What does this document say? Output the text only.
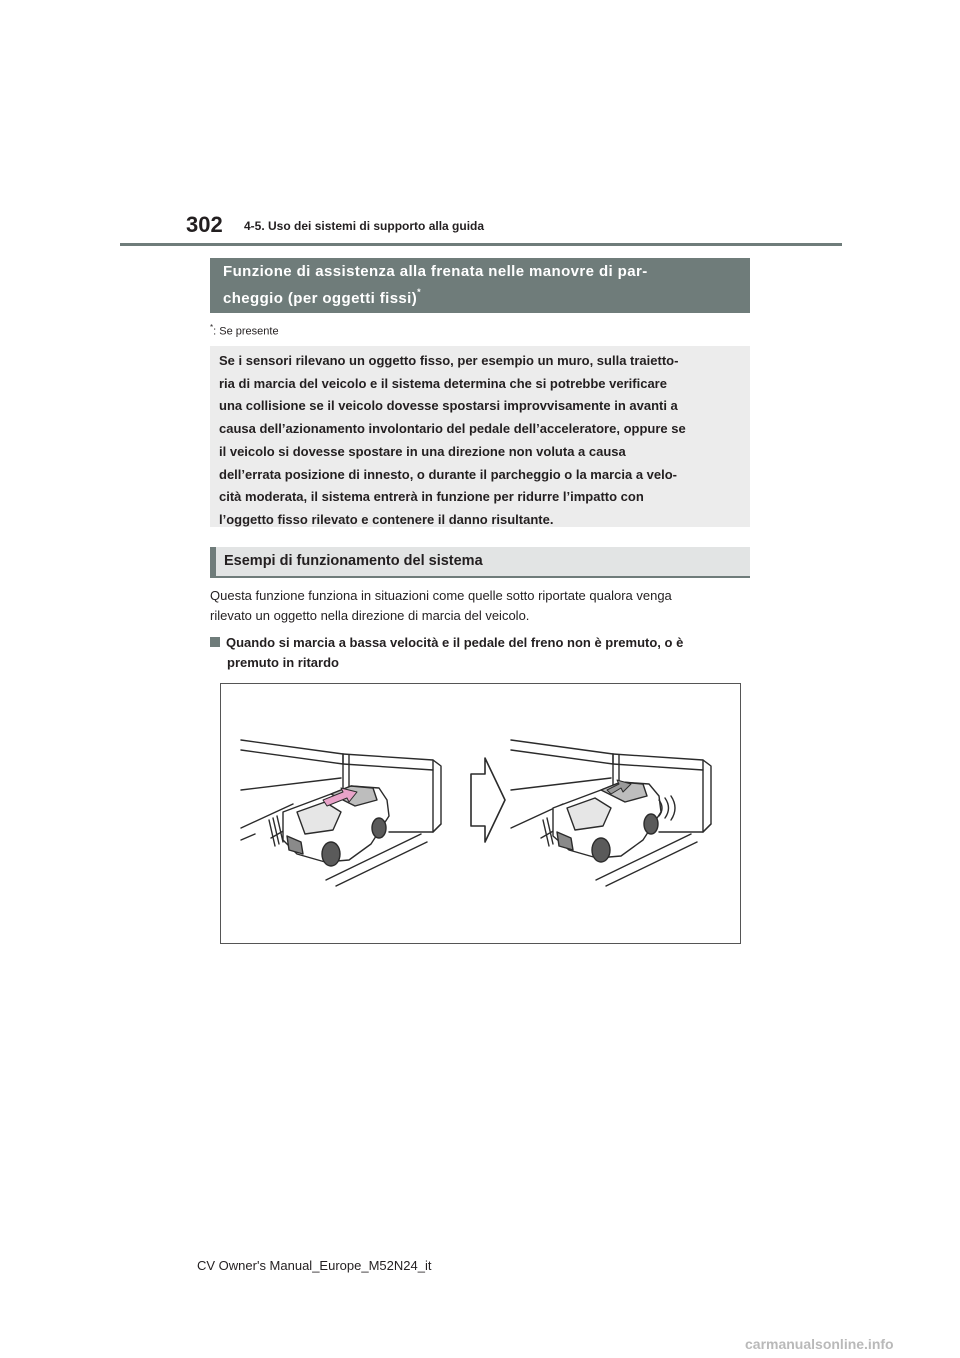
302 4-5. Uso dei sistemi di supporto alla guida
Funzione di assistenza alla frenata nelle manovre di par-
cheggio (per oggetti fissi)*
*: Se presente
Se i sensori rilevano un oggetto fisso, per esempio un muro, sulla traietto-
ria di marcia del veicolo e il sistema determina che si potrebbe verificare
una collisione se il veicolo dovesse spostarsi improvvisamente in avanti a
causa dell’azionamento involontario del pedale dell’acceleratore, oppure se
il veicolo si dovesse spostare in una direzione non voluta a causa
dell’errata posizione di innesto, o durante il parcheggio o la marcia a velo-
cità moderata, il sistema entrerà in funzione per ridurre l’impatto con
l’oggetto fisso rilevato e contenere il danno risultante.
Esempi di funzionamento del sistema
Questa funzione funziona in situazioni come quelle sotto riportate qualora venga
rilevato un oggetto nella direzione di marcia del veicolo.
Quando si marcia a bassa velocità e il pedale del freno non è premuto, o è
premuto in ritardo
CV Owner's Manual_Europe_M52N24_it
carmanualsonline.info
